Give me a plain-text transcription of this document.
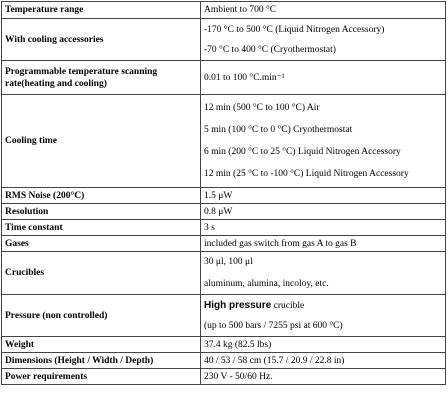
Temperature range	Ambient to 700 °C

With cooling accessories	-170 °C to 500 °C (Liquid Nitrogen Accessory)
-70 °C to 400 °C (Cryothermostat)

Programmable temperature scanning rate(heating and cooling)	0.01 to 100 °C.min⁻¹

Cooling time	12 min (500 °C to 100 °C) Air
5 min (100 °C to 0 °C) Cryothermostat
6 min (200 °C to 25 °C) Liquid Nitrogen Accessory
12 min (25 °C to -100 °C) Liquid Nitrogen Accessory

RMS Noise (200°C)	1.5 μW

Resolution	0.8 μW

Time constant	3 s

Gases	included gas switch from gas A to gas B

Crucibles	30 μl, 100 μl
aluminum, alumina, incoloy, etc.

Pressure (non controlled)	High pressure crucible
(up to 500 bars / 7255 psi at 600 °C)

Weight	37.4 kg (82.5 lbs)

Dimensions (Height / Width / Depth)	40 / 53 / 58 cm (15.7 / 20.9 / 22.8 in)

Power requirements	230 V - 50/60 Hz.
